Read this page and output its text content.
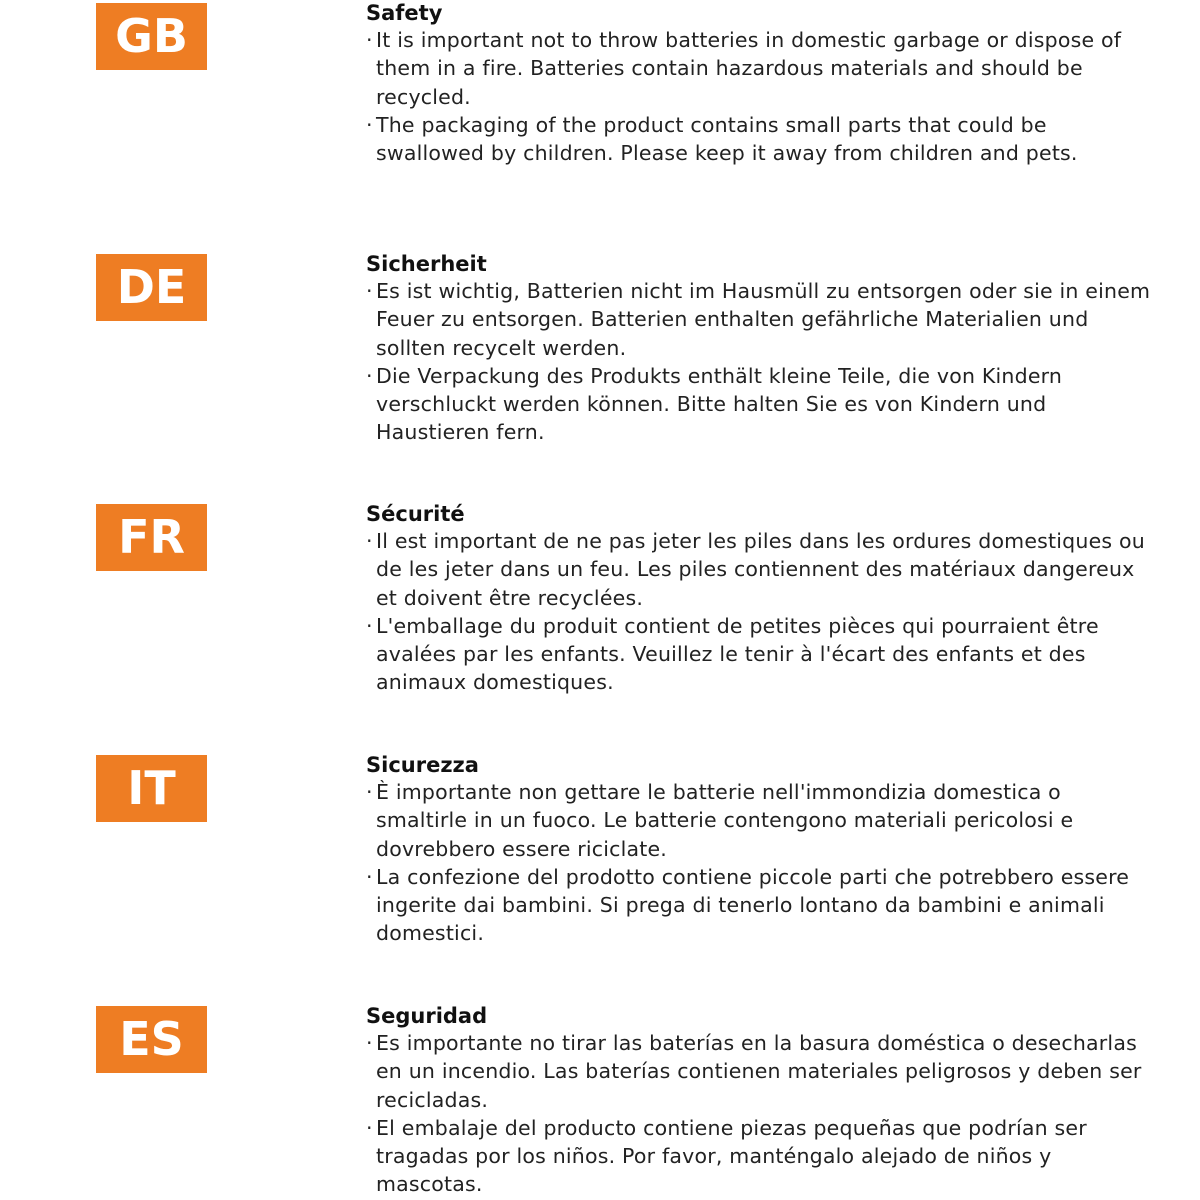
GB	Safety
· It is important not to throw batteries in domestic garbage or dispose of them in a fire. Batteries contain hazardous materials and should be recycled.
· The packaging of the product contains small parts that could be swallowed by children. Please keep it away from children and pets.
DE	Sicherheit
· Es ist wichtig, Batterien nicht im Hausmüll zu entsorgen oder sie in einem Feuer zu entsorgen. Batterien enthalten gefährliche Materialien und sollten recycelt werden.
· Die Verpackung des Produkts enthält kleine Teile, die von Kindern verschluckt werden können. Bitte halten Sie es von Kindern und Haustieren fern.
FR	Sécurité
· Il est important de ne pas jeter les piles dans les ordures domestiques ou de les jeter dans un feu. Les piles contiennent des matériaux dangereux et doivent être recyclées.
· L'emballage du produit contient de petites pièces qui pourraient être avalées par les enfants. Veuillez le tenir à l'écart des enfants et des animaux domestiques.
IT	Sicurezza
· È importante non gettare le batterie nell'immondizia domestica o smaltirle in un fuoco. Le batterie contengono materiali pericolosi e dovrebbero essere riciclate.
· La confezione del prodotto contiene piccole parti che potrebbero essere ingerite dai bambini. Si prega di tenerlo lontano da bambini e animali domestici.
ES	Seguridad
· Es importante no tirar las baterías en la basura doméstica o desecharlas en un incendio. Las baterías contienen materiales peligrosos y deben ser recicladas.
· El embalaje del producto contiene piezas pequeñas que podrían ser tragadas por los niños. Por favor, manténgalo alejado de niños y mascotas.
